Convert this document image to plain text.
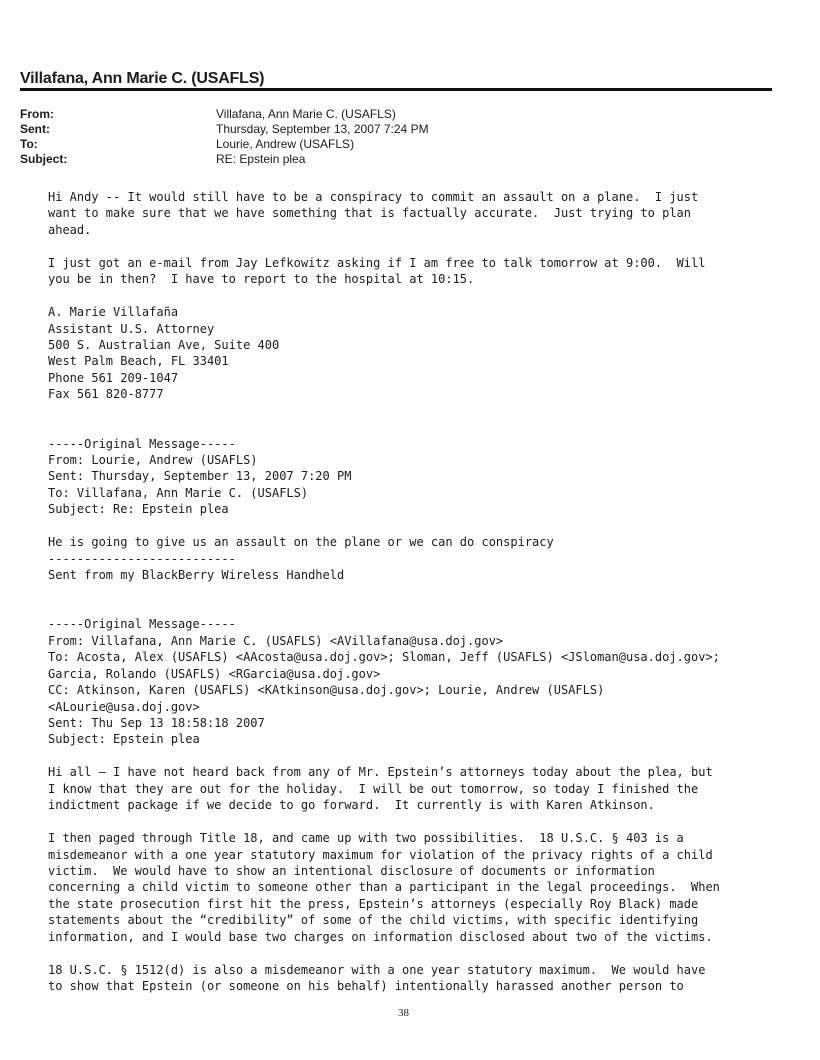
Villafana, Ann Marie C. (USAFLS)
From:	Villafana, Ann Marie C. (USAFLS)
Sent:	Thursday, September 13, 2007 7:24 PM
To:	Lourie, Andrew (USAFLS)
Subject:	RE: Epstein plea
Hi Andy -- It would still have to be a conspiracy to commit an assault on a plane.  I just
want to make sure that we have something that is factually accurate.  Just trying to plan
ahead.
I just got an e-mail from Jay Lefkowitz asking if I am free to talk tomorrow at 9:00.  Will
you be in then?  I have to report to the hospital at 10:15.
A. Marie Villafaña
Assistant U.S. Attorney
500 S. Australian Ave, Suite 400
West Palm Beach, FL 33401
Phone 561 209-1047
Fax 561 820-8777
-----Original Message-----
From: Lourie, Andrew (USAFLS)
Sent: Thursday, September 13, 2007 7:20 PM
To: Villafana, Ann Marie C. (USAFLS)
Subject: Re: Epstein plea
He is going to give us an assault on the plane or we can do conspiracy
--------------------------
Sent from my BlackBerry Wireless Handheld
-----Original Message-----
From: Villafana, Ann Marie C. (USAFLS) <AVillafana@usa.doj.gov>
To: Acosta, Alex (USAFLS) <AAcosta@usa.doj.gov>; Sloman, Jeff (USAFLS) <JSloman@usa.doj.gov>;
Garcia, Rolando (USAFLS) <RGarcia@usa.doj.gov>
CC: Atkinson, Karen (USAFLS) <KAtkinson@usa.doj.gov>; Lourie, Andrew (USAFLS)
<ALourie@usa.doj.gov>
Sent: Thu Sep 13 18:58:18 2007
Subject: Epstein plea
Hi all – I have not heard back from any of Mr. Epstein’s attorneys today about the plea, but
I know that they are out for the holiday.  I will be out tomorrow, so today I finished the
indictment package if we decide to go forward.  It currently is with Karen Atkinson.
I then paged through Title 18, and came up with two possibilities.  18 U.S.C. § 403 is a
misdemeanor with a one year statutory maximum for violation of the privacy rights of a child
victim.  We would have to show an intentional disclosure of documents or information
concerning a child victim to someone other than a participant in the legal proceedings.  When
the state prosecution first hit the press, Epstein’s attorneys (especially Roy Black) made
statements about the “credibility” of some of the child victims, with specific identifying
information, and I would base two charges on information disclosed about two of the victims.
18 U.S.C. § 1512(d) is also a misdemeanor with a one year statutory maximum.  We would have
to show that Epstein (or someone on his behalf) intentionally harassed another person to
38
